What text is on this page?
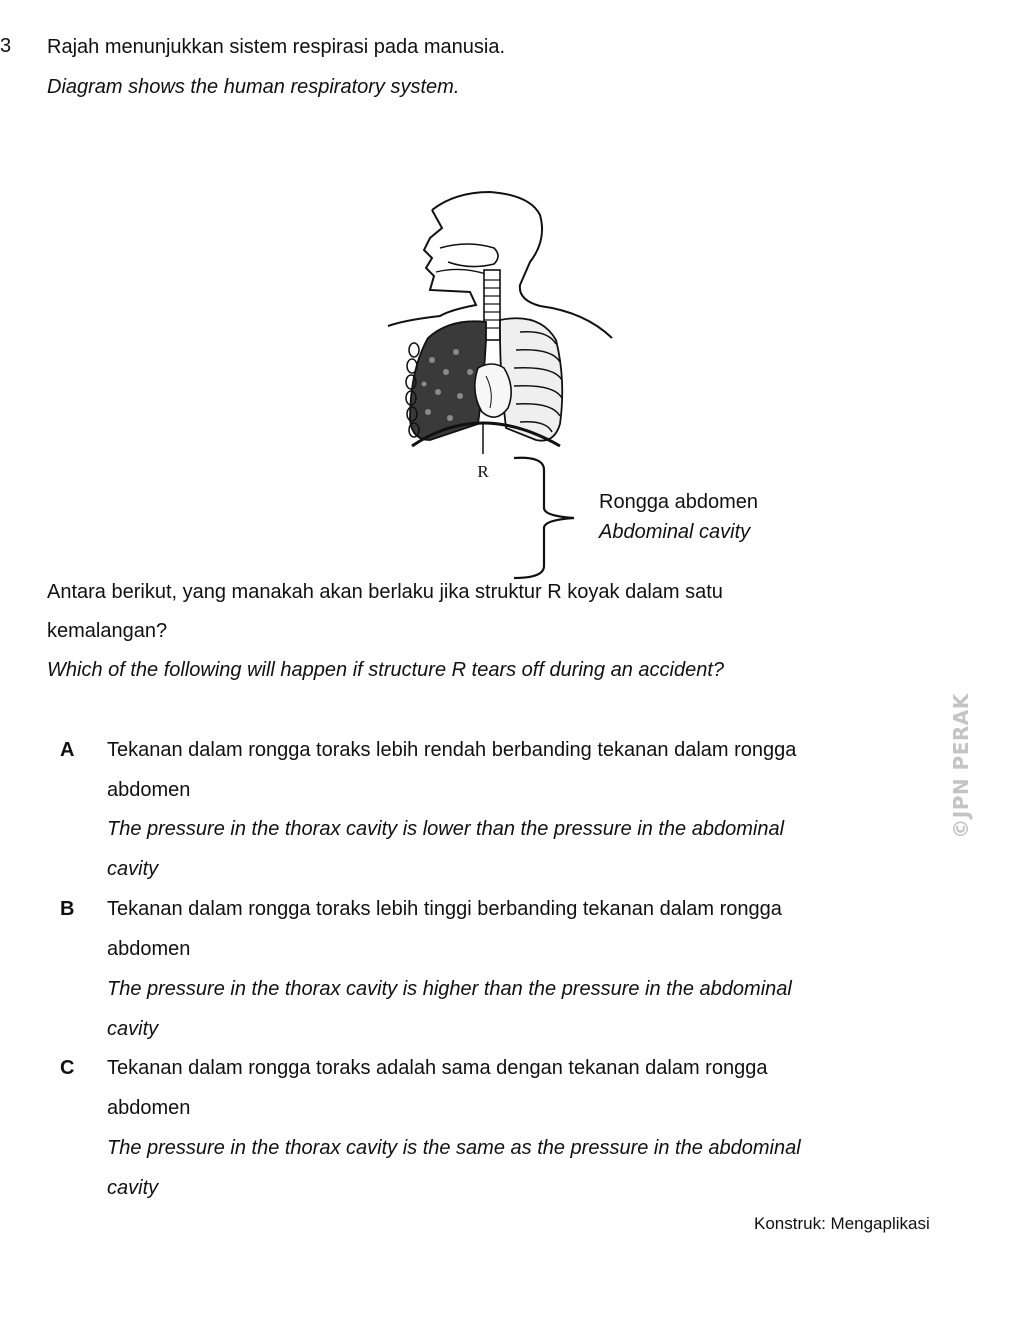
3 Rajah menunjukkan sistem respirasi pada manusia.
Diagram shows the human respiratory system.
R
Rongga abdomen
Abdominal cavity
Antara berikut, yang manakah akan berlaku jika struktur R koyak dalam satu
kemalangan?
Which of the following will happen if structure R tears off during an accident?
A Tekanan dalam rongga toraks lebih rendah berbanding tekanan dalam rongga
abdomen
The pressure in the thorax cavity is lower than the pressure in the abdominal
cavity
B Tekanan dalam rongga toraks lebih tinggi berbanding tekanan dalam rongga
abdomen
The pressure in the thorax cavity is higher than the pressure in the abdominal
cavity
C Tekanan dalam rongga toraks adalah sama dengan tekanan dalam rongga
abdomen
The pressure in the thorax cavity is the same as the pressure in the abdominal
cavity
©JPN PERAK
Konstruk: Mengaplikasi
